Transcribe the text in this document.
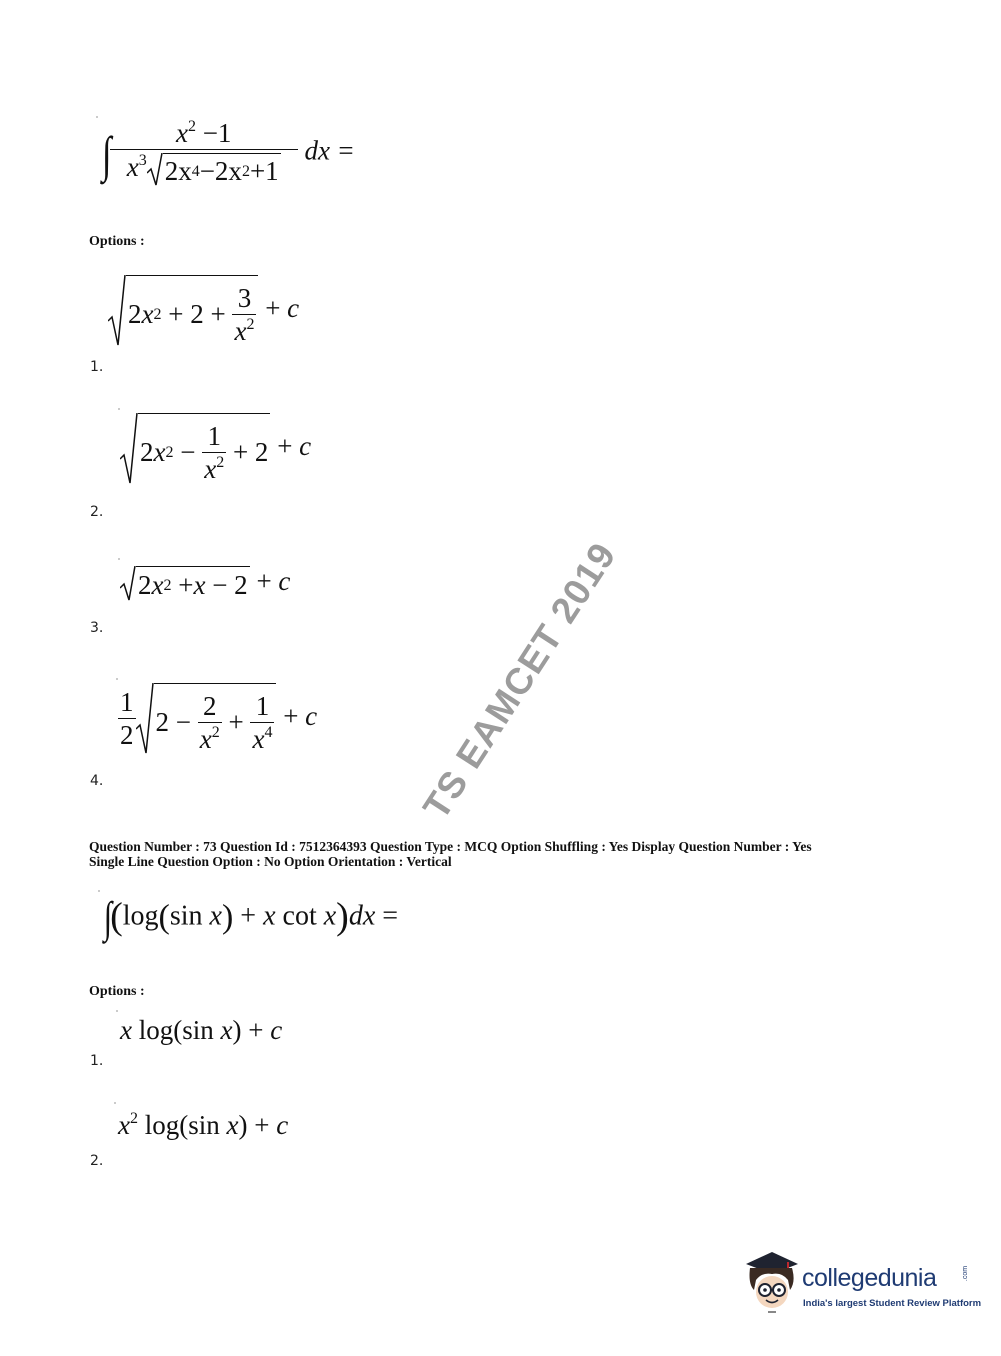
∫
$\frac{x^2 -1}{x^3 2x 4 -2x 2 +1}$ dx =
Options :
2 x $2 + 2 + \frac{3}{x^2} + c$
1.
2 x $2 - \frac{1}{x^2} + 2 + c$
2.
2 x 2 + x − 2 + c
3.
$\frac{1}{2} 2 - \frac{2}{x^2} + \frac{1}{x^4} + c$
4.	TS EAMCET 2019
Question Number : 73 Question Id : 7512364393 Question Type : MCQ Option Shuffling : Yes Display Question Number : Yes
Single Line Question Option : No Option Orientation : Vertical
∫(log(sin x) + x cot x)dx =
Options :
x log(sin x) + c
1.
$x^2$ log(sin x) + c
2.
collegedunia	.com
India's largest Student Review Platform
